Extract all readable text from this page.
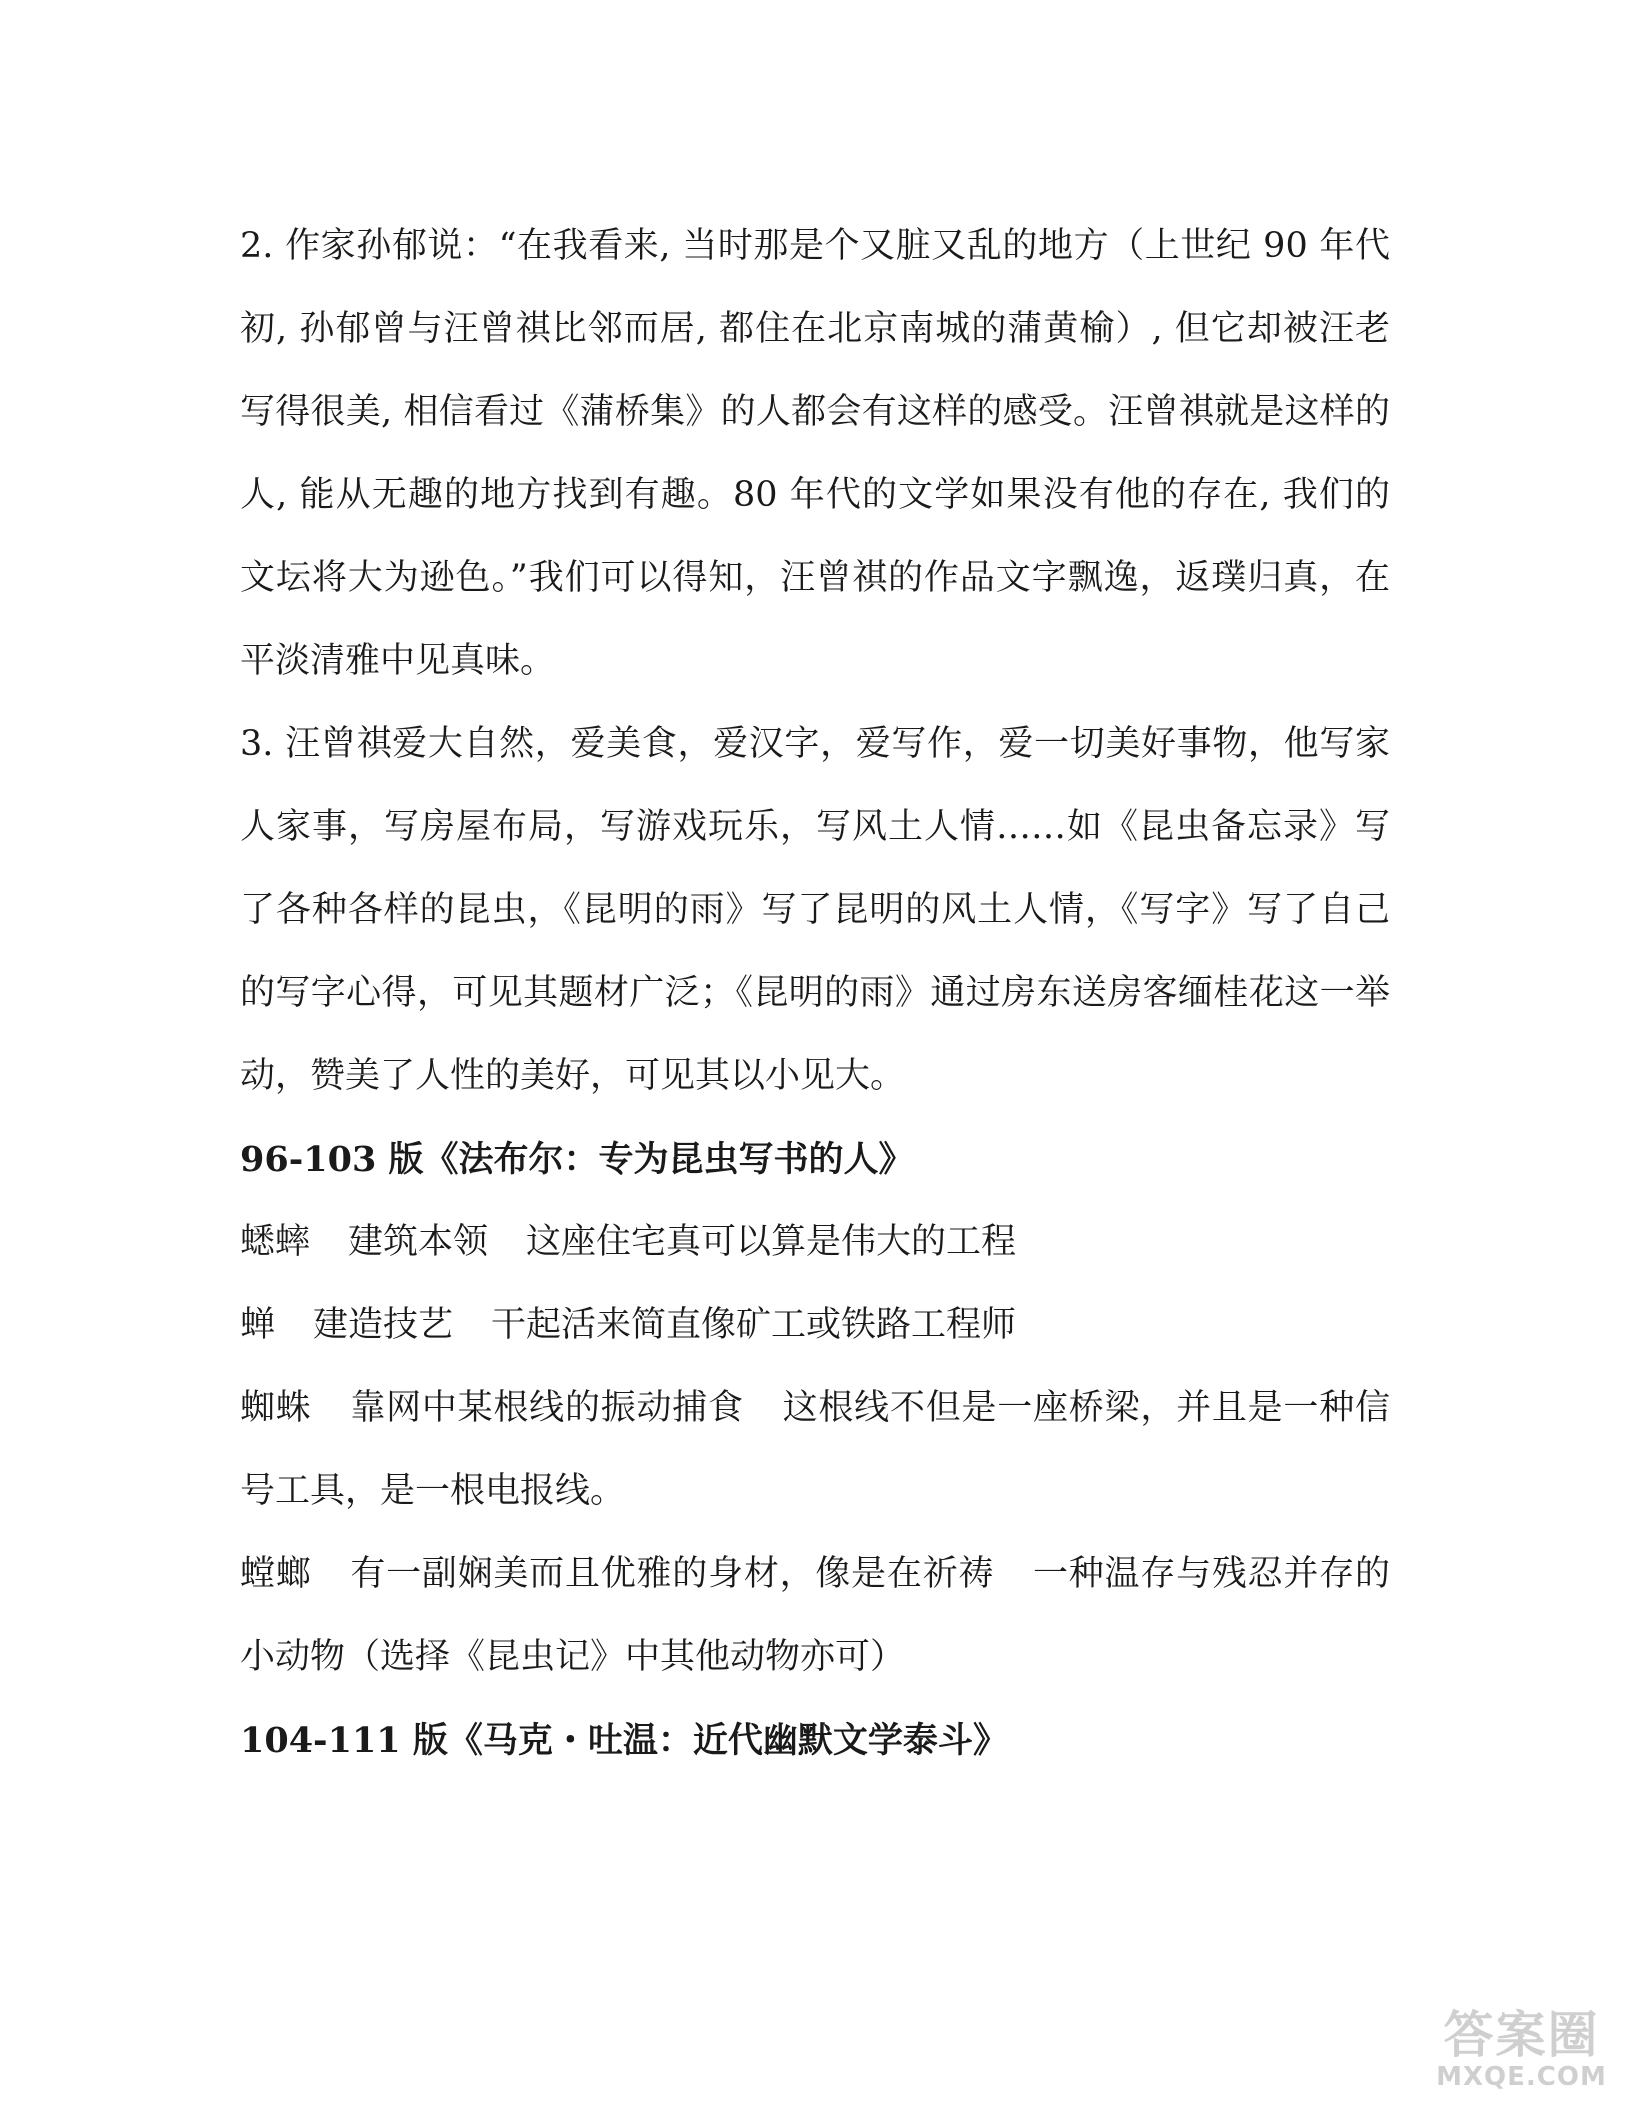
2. 作家孙郁说：“在我看来, 当时那是个又脏又乱的地方（上世纪 90 年代初, 孙郁曾与汪曾祺比邻而居, 都住在北京南城的蒲黄榆）, 但它却被汪老写得很美, 相信看过《蒲桥集》的人都会有这样的感受。汪曾祺就是这样的人, 能从无趣的地方找到有趣。80 年代的文学如果没有他的存在, 我们的文坛将大为逊色。”我们可以得知，汪曾祺的作品文字飘逸，返璞归真，在平淡清雅中见真味。

3. 汪曾祺爱大自然，爱美食，爱汉字，爱写作，爱一切美好事物，他写家人家事，写房屋布局，写游戏玩乐，写风土人情……如《昆虫备忘录》写了各种各样的昆虫，《昆明的雨》写了昆明的风土人情，《写字》写了自己的写字心得，可见其题材广泛；《昆明的雨》通过房东送房客缅桂花这一举动，赞美了人性的美好，可见其以小见大。

96-103 版《法布尔：专为昆虫写书的人》

蟋蟀 建筑本领 这座住宅真可以算是伟大的工程

蝉 建造技艺 干起活来简直像矿工或铁路工程师

蜘蛛 靠网中某根线的振动捕食 这根线不但是一座桥梁，并且是一种信号工具，是一根电报线。

螳螂 有一副娴美而且优雅的身材，像是在祈祷 一种温存与残忍并存的小动物（选择《昆虫记》中其他动物亦可）

104-111 版《马克・吐温：近代幽默文学泰斗》

答案圈
MXQE.COM
